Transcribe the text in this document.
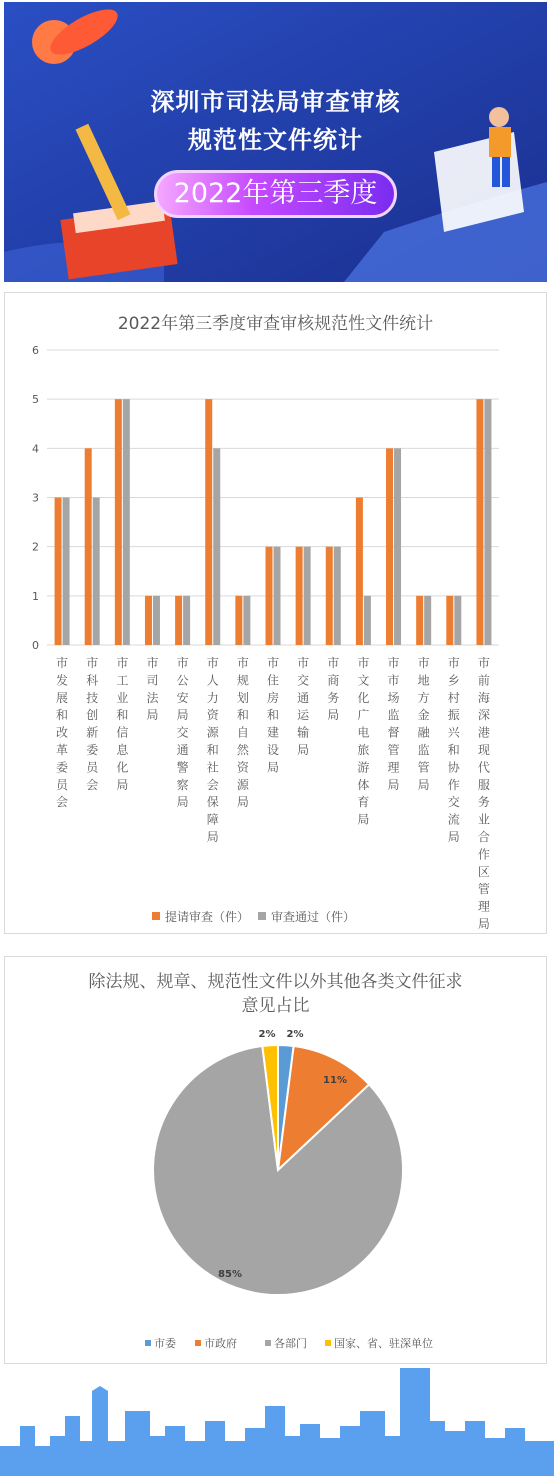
深圳市司法局审查审核
规范性文件统计
2022年第三季度
2022年第三季度审查审核规范性文件统计
0
1
2
3
4
5
6
市
发
展
和
改
革
委
员
会
市
科
技
创
新
委
员
会
市
工
业
和
信
息
化
局
市
司
法
局
市
公
安
局
交
通
警
察
局
市
人
力
资
源
和
社
会
保
障
局
市
规
划
和
自
然
资
源
局
市
住
房
和
建
设
局
市
交
通
运
输
局
市
商
务
局
市
文
化
广
电
旅
游
体
育
局
市
市
场
监
督
管
理
局
市
地
方
金
融
监
管
局
市
乡
村
振
兴
和
协
作
交
流
局
市
前
海
深
港
现
代
服
务
业
合
作
区
管
理
局
提请审查（件） 审查通过（件）
除法规、规章、规范性文件以外其他各类文件征求
意见占比
2%
11%
85%
2%
市委	市政府	各部门 国家、省、驻深单位
